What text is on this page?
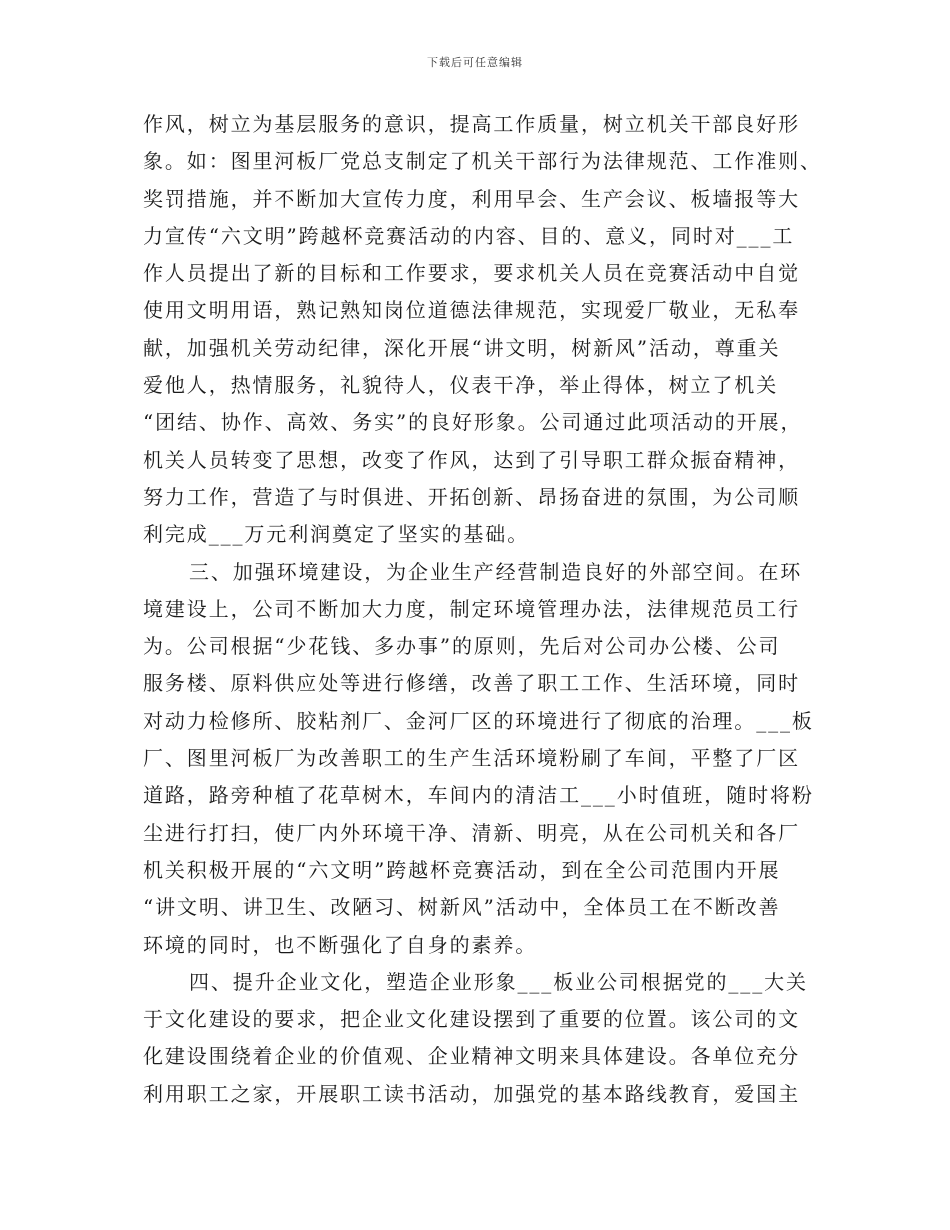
下载后可任意编辑
作风，树立为基层服务的意识，提高工作质量，树立机关干部良好形
象。如：图里河板厂党总支制定了机关干部行为法律规范、工作准则、
奖罚措施，并不断加大宣传力度，利用早会、生产会议、板墙报等大
力宣传“六文明”跨越杯竞赛活动的内容、目的、意义，同时对___工
作人员提出了新的目标和工作要求，要求机关人员在竞赛活动中自觉
使用文明用语，熟记熟知岗位道德法律规范，实现爱厂敬业，无私奉
献，加强机关劳动纪律，深化开展“讲文明，树新风”活动，尊重关
爱他人，热情服务，礼貌待人，仪表干净，举止得体，树立了机关
“团结、协作、高效、务实”的良好形象。公司通过此项活动的开展，
机关人员转变了思想，改变了作风，达到了引导职工群众振奋精神，
努力工作，营造了与时俱进、开拓创新、昂扬奋进的氛围，为公司顺
利完成___万元利润奠定了坚实的基础。
三、加强环境建设，为企业生产经营制造良好的外部空间。在环
境建设上，公司不断加大力度，制定环境管理办法，法律规范员工行
为。公司根据“少花钱、多办事”的原则，先后对公司办公楼、公司
服务楼、原料供应处等进行修缮，改善了职工工作、生活环境，同时
对动力检修所、胶粘剂厂、金河厂区的环境进行了彻底的治理。___板
厂、图里河板厂为改善职工的生产生活环境粉刷了车间，平整了厂区
道路，路旁种植了花草树木，车间内的清洁工___小时值班，随时将粉
尘进行打扫，使厂内外环境干净、清新、明亮，从在公司机关和各厂
机关积极开展的“六文明”跨越杯竞赛活动，到在全公司范围内开展
“讲文明、讲卫生、改陋习、树新风”活动中，全体员工在不断改善
环境的同时，也不断强化了自身的素养。
四、提升企业文化，塑造企业形象___板业公司根据党的___大关
于文化建设的要求，把企业文化建设摆到了重要的位置。该公司的文
化建设围绕着企业的价值观、企业精神文明来具体建设。各单位充分
利用职工之家，开展职工读书活动，加强党的基本路线教育，爱国主
